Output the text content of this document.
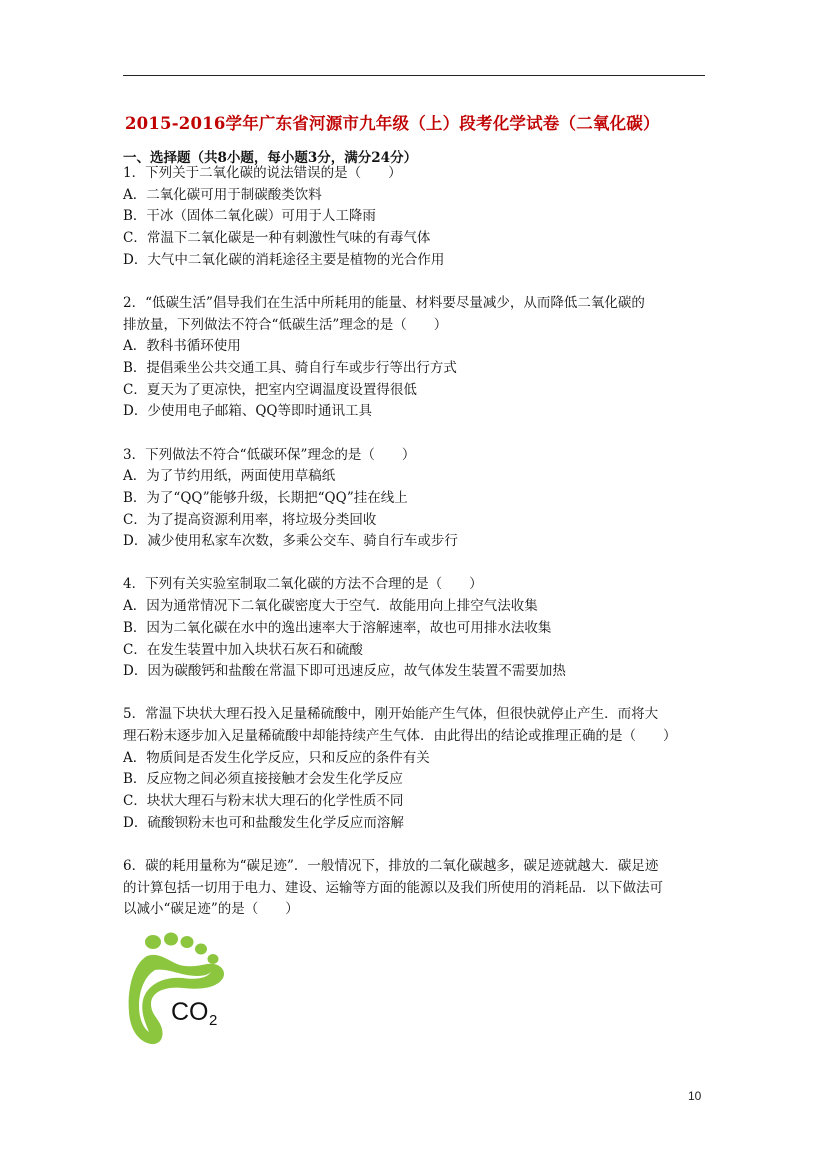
2015-2016学年广东省河源市九年级（上）段考化学试卷（二氧化碳）
一、选择题（共8小题，每小题3分，满分24分）
1．下列关于二氧化碳的说法错误的是（　　）
A．二氧化碳可用于制碳酸类饮料
B．干冰（固体二氧化碳）可用于人工降雨
C．常温下二氧化碳是一种有刺激性气味的有毒气体
D．大气中二氧化碳的消耗途径主要是植物的光合作用
2．“低碳生活”倡导我们在生活中所耗用的能量、材料要尽量减少，从而降低二氧化碳的
排放量，下列做法不符合“低碳生活”理念的是（　　）
A．教科书循环使用
B．提倡乘坐公共交通工具、骑自行车或步行等出行方式
C．夏天为了更凉快，把室内空调温度设置得很低
D．少使用电子邮箱、QQ等即时通讯工具
3．下列做法不符合“低碳环保”理念的是（　　）
A．为了节约用纸，两面使用草稿纸
B．为了“QQ”能够升级，长期把“QQ”挂在线上
C．为了提高资源利用率，将垃圾分类回收
D．减少使用私家车次数，多乘公交车、骑自行车或步行
4．下列有关实验室制取二氧化碳的方法不合理的是（　　）
A．因为通常情况下二氧化碳密度大于空气．故能用向上排空气法收集
B．因为二氧化碳在水中的逸出速率大于溶解速率，故也可用排水法收集
C．在发生装置中加入块状石灰石和硫酸
D．因为碳酸钙和盐酸在常温下即可迅速反应，故气体发生装置不需要加热
5．常温下块状大理石投入足量稀硫酸中，刚开始能产生气体，但很快就停止产生．而将大
理石粉末逐步加入足量稀硫酸中却能持续产生气体．由此得出的结论或推理正确的是（　　）
A．物质间是否发生化学反应，只和反应的条件有关
B．反应物之间必须直接接触才会发生化学反应
C．块状大理石与粉末状大理石的化学性质不同
D．硫酸钡粉末也可和盐酸发生化学反应而溶解
6．碳的耗用量称为“碳足迹”．一般情况下，排放的二氧化碳越多，碳足迹就越大．碳足迹
的计算包括一切用于电力、建设、运输等方面的能源以及我们所使用的消耗品．以下做法可
以减小“碳足迹”的是（　　）
CO 2
10
